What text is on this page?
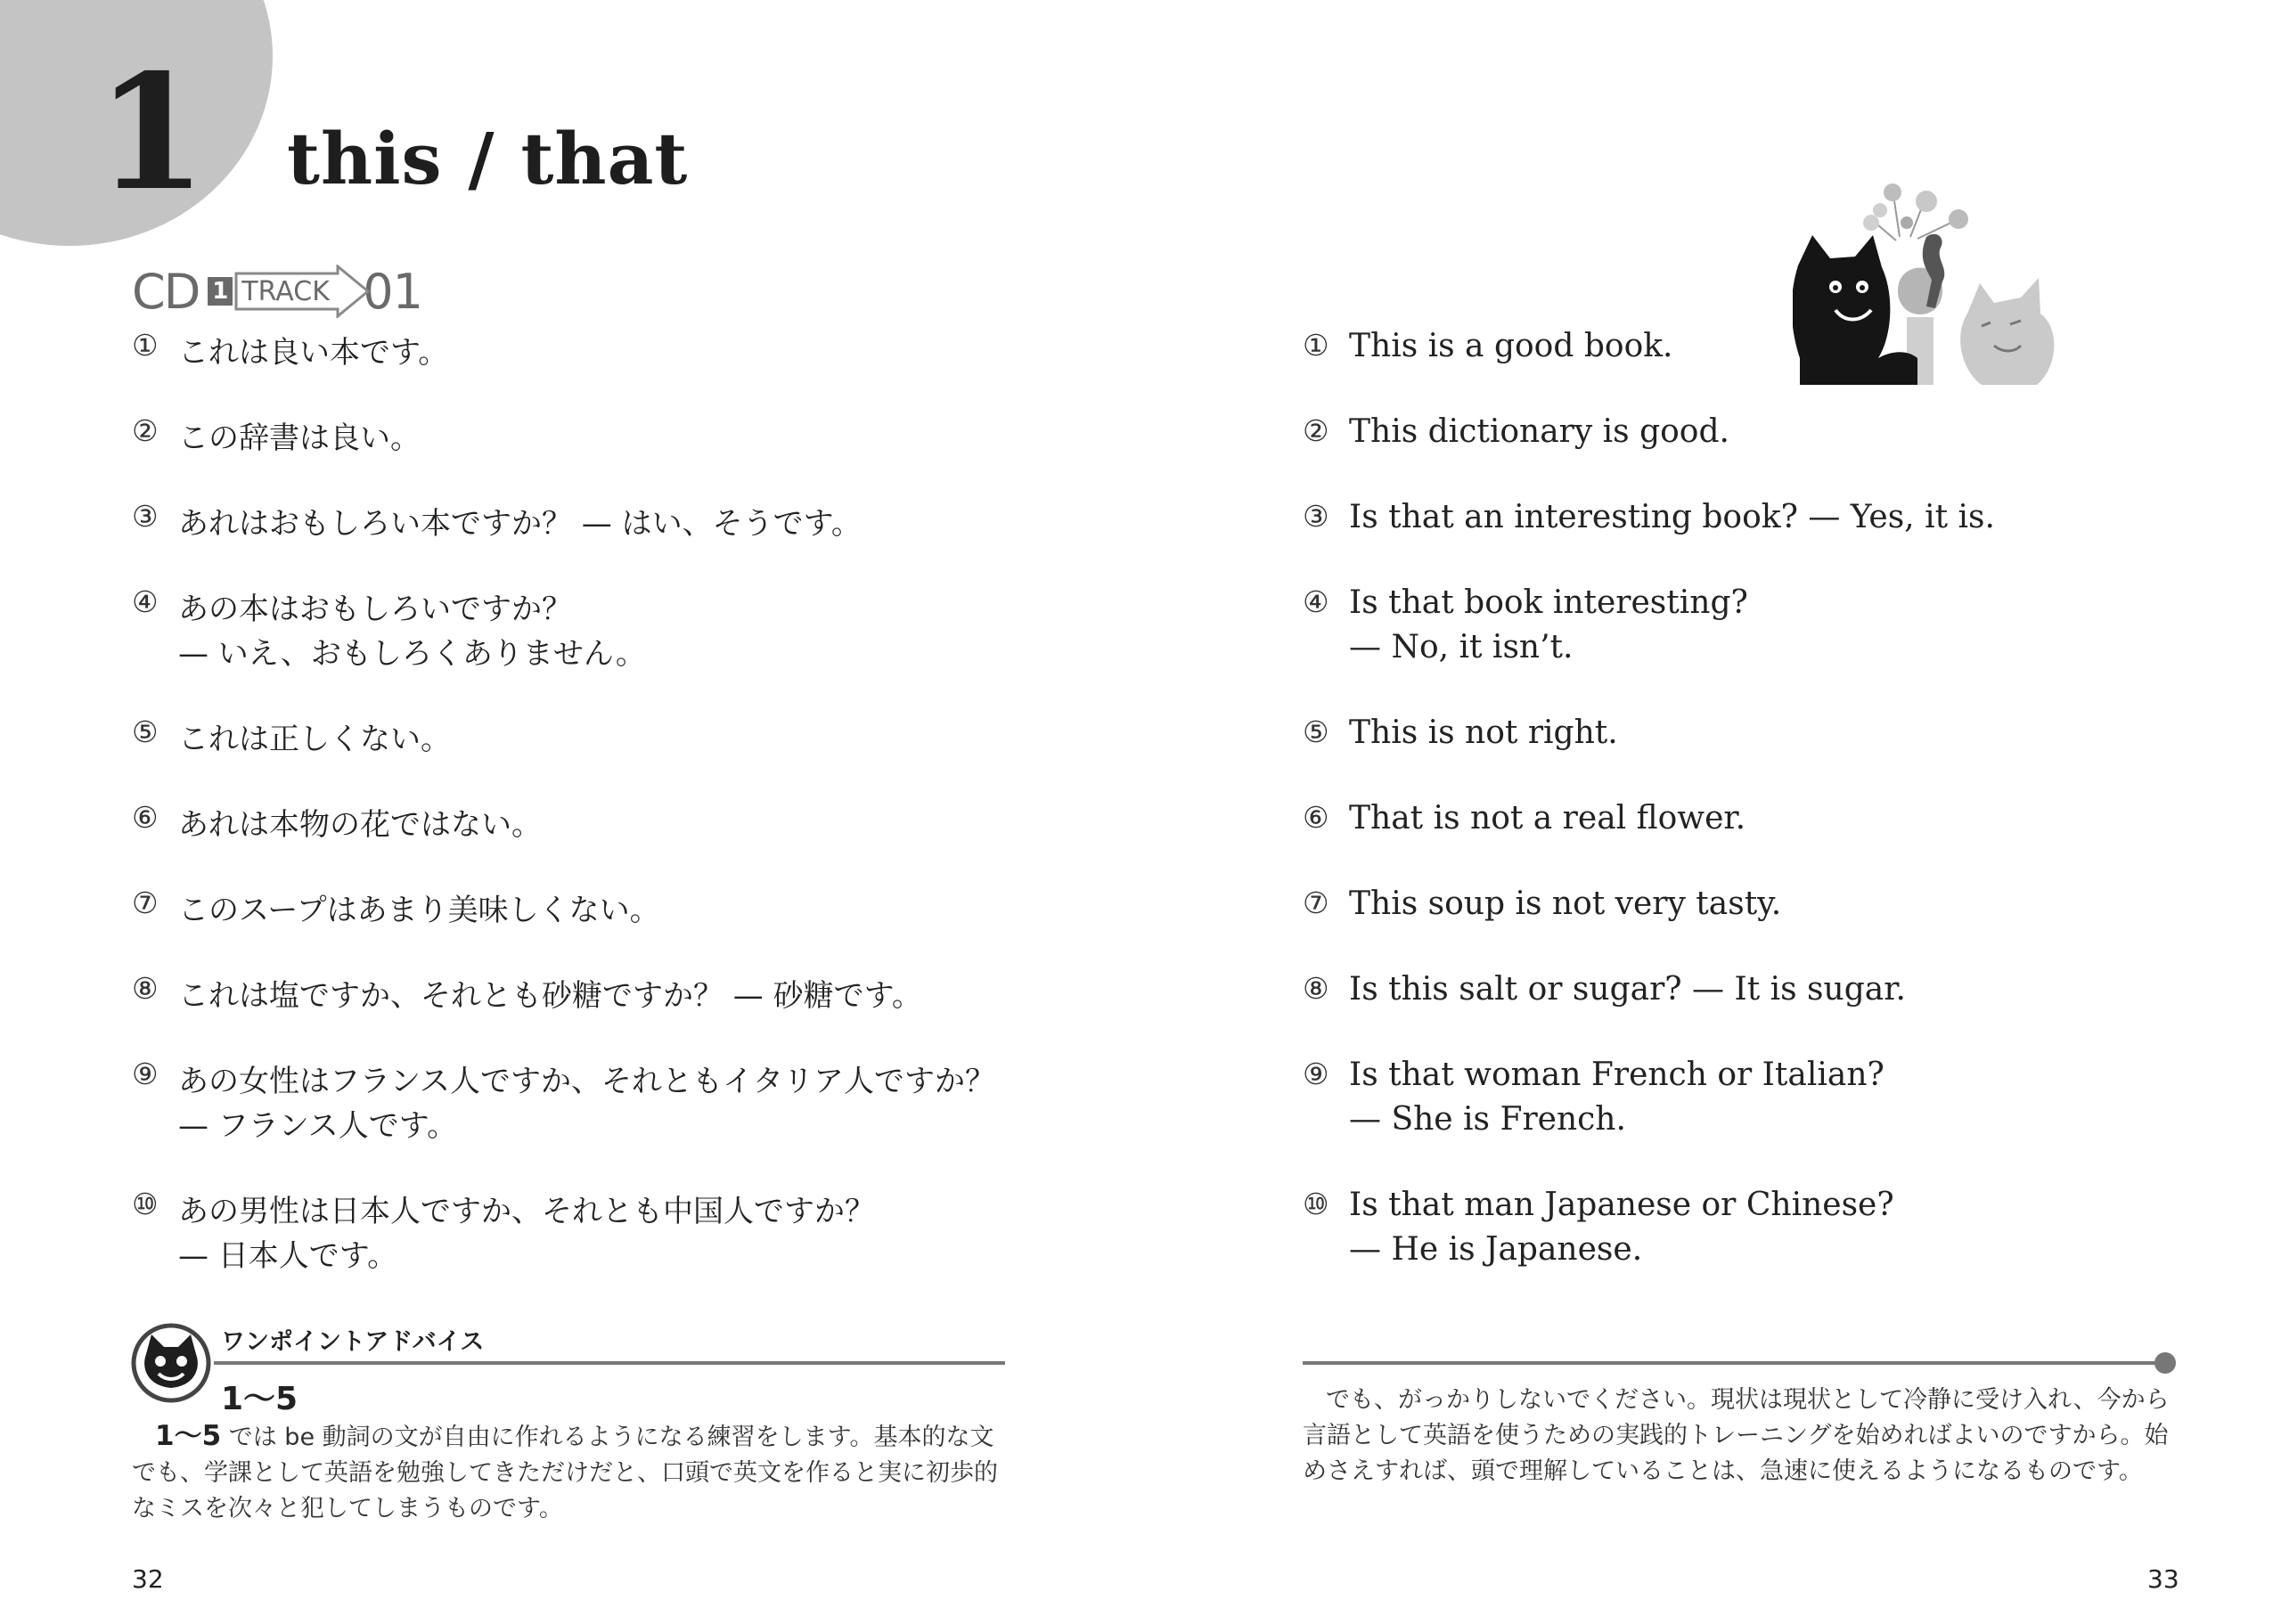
1 this / that
CD 1 TRACK 01
① これは良い本です。
② この辞書は良い。
③ あれはおもしろい本ですか？ — はい、そうです。
④ あの本はおもしろいですか？
— いえ、おもしろくありません。
⑤ これは正しくない。
⑥ あれは本物の花ではない。
⑦ このスープはあまり美味しくない。
⑧ これは塩ですか、それとも砂糖ですか？ — 砂糖です。
⑨ あの女性はフランス人ですか、それともイタリア人ですか？
— フランス人です。
⑩ あの男性は日本人ですか、それとも中国人ですか？
— 日本人です。
① This is a good book.
② This dictionary is good.
③ Is that an interesting book? — Yes, it is.
④ Is that book interesting?
— No, it isn’t.
⑤ This is not right.
⑥ That is not a real flower.
⑦ This soup is not very tasty.
⑧ Is this salt or sugar? — It is sugar.
⑨ Is that woman French or Italian?
— She is French.
⑩ Is that man Japanese or Chinese?
— He is Japanese.
ワンポイントアドバイス
1〜5
1〜5 では be 動詞の文が自由に作れるようになる練習をします。基本的な文
でも、学課として英語を勉強してきただけだと、口頭で英文を作ると実に初歩的
なミスを次々と犯してしまうものです。
でも、がっかりしないでください。現状は現状として冷静に受け入れ、今から
言語として英語を使うための実践的トレーニングを始めればよいのですから。始
めさえすれば、頭で理解していることは、急速に使えるようになるものです。
32	33
